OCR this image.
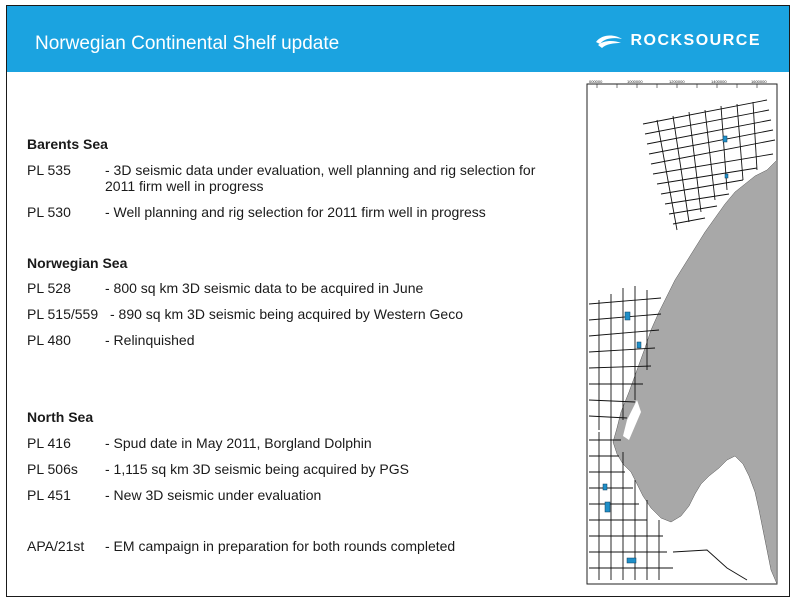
Norwegian Continental Shelf update	ROCKSOURCE
Barents Sea
PL 535 - 3D seismic data under evaluation, well planning and rig selection for 2011 firm well in progress
PL 530 - Well planning and rig selection for 2011 firm well in progress
Norwegian Sea
PL 528 - 800 sq km 3D seismic data to be acquired in June
PL 515/559 - 890 sq km 3D seismic being acquired by Western Geco
PL 480 - Relinquished
North Sea
PL 416 - Spud date in May 2011, Borgland Dolphin
PL 506s - 1,115 sq km 3D seismic being acquired by PGS
PL 451 - New 3D seismic under evaluation
APA/21st - EM campaign in preparation for both rounds completed
000000	1000000	1200000	1400000	1600000
